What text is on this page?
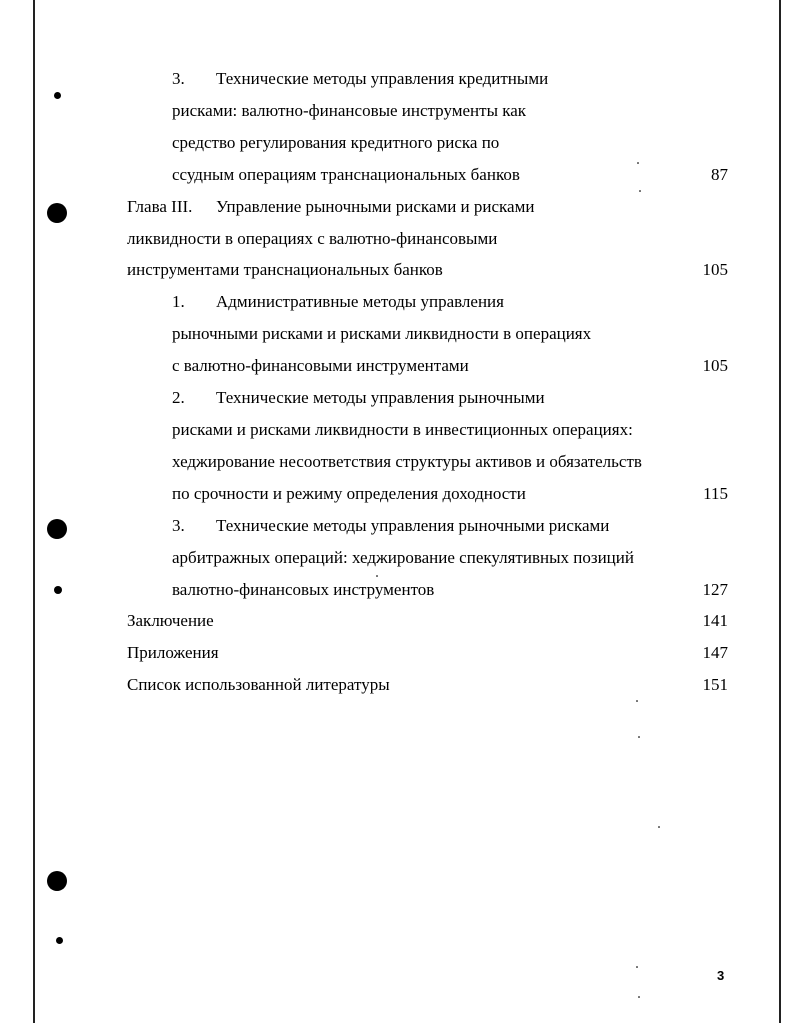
3. Технические методы управления кредитными
рисками: валютно-финансовые инструменты как
средство регулирования кредитного риска по
ссудным операциям транснациональных банков	87
Глава III. Управление рыночными рисками и рисками
ликвидности в операциях с валютно-финансовыми
инструментами транснациональных банков	105
1. Административные методы управления
рыночными рисками и рисками ликвидности в операциях
с валютно-финансовыми инструментами	105
2. Технические методы управления рыночными
рисками и рисками ликвидности в инвестиционных операциях:
хеджирование несоответствия структуры активов и обязательств
по срочности и режиму определения доходности	115
3. Технические методы управления рыночными рисками
арбитражных операций: хеджирование спекулятивных позиций
валютно-финансовых инструментов	127
Заключение	141
Приложения	147
Список использованной литературы	151
3
